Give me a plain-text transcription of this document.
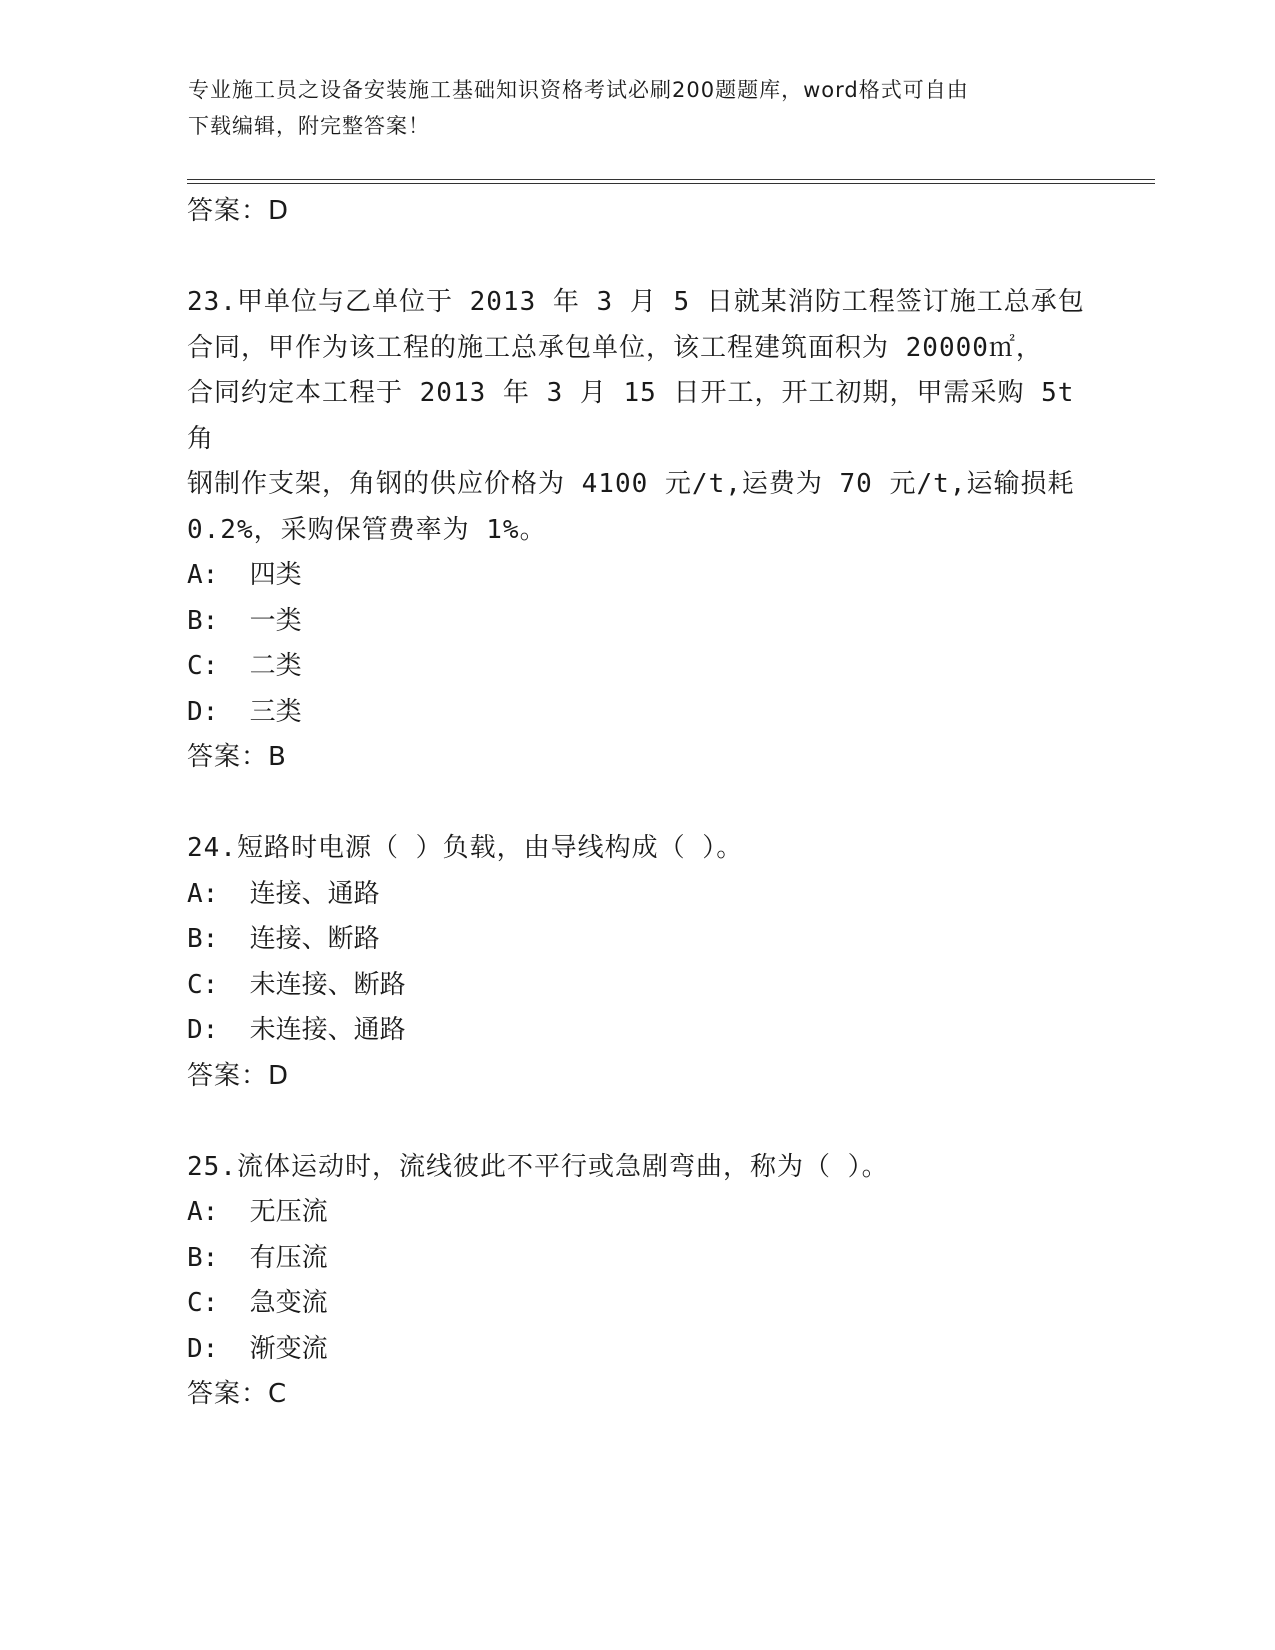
专业施工员之设备安装施工基础知识资格考试必刷200题题库，word格式可自由
下载编辑，附完整答案！
答案：D
23.甲单位与乙单位于 2013 年 3 月 5 日就某消防工程签订施工总承包
合同，甲作为该工程的施工总承包单位，该工程建筑面积为 20000㎡，
合同约定本工程于 2013 年 3 月 15 日开工，开工初期，甲需采购 5t 角
钢制作支架，角钢的供应价格为 4100 元/t,运费为 70 元/t,运输损耗
0.2%，采购保管费率为 1%。
A:  四类
B:  一类
C:  二类
D:  三类
答案：B
24.短路时电源（ ）负载，由导线构成（ ）。
A:  连接、通路
B:  连接、断路
C:  未连接、断路
D:  未连接、通路
答案：D
25.流体运动时，流线彼此不平行或急剧弯曲，称为（ ）。
A:  无压流
B:  有压流
C:  急变流
D:  渐变流
答案：C
